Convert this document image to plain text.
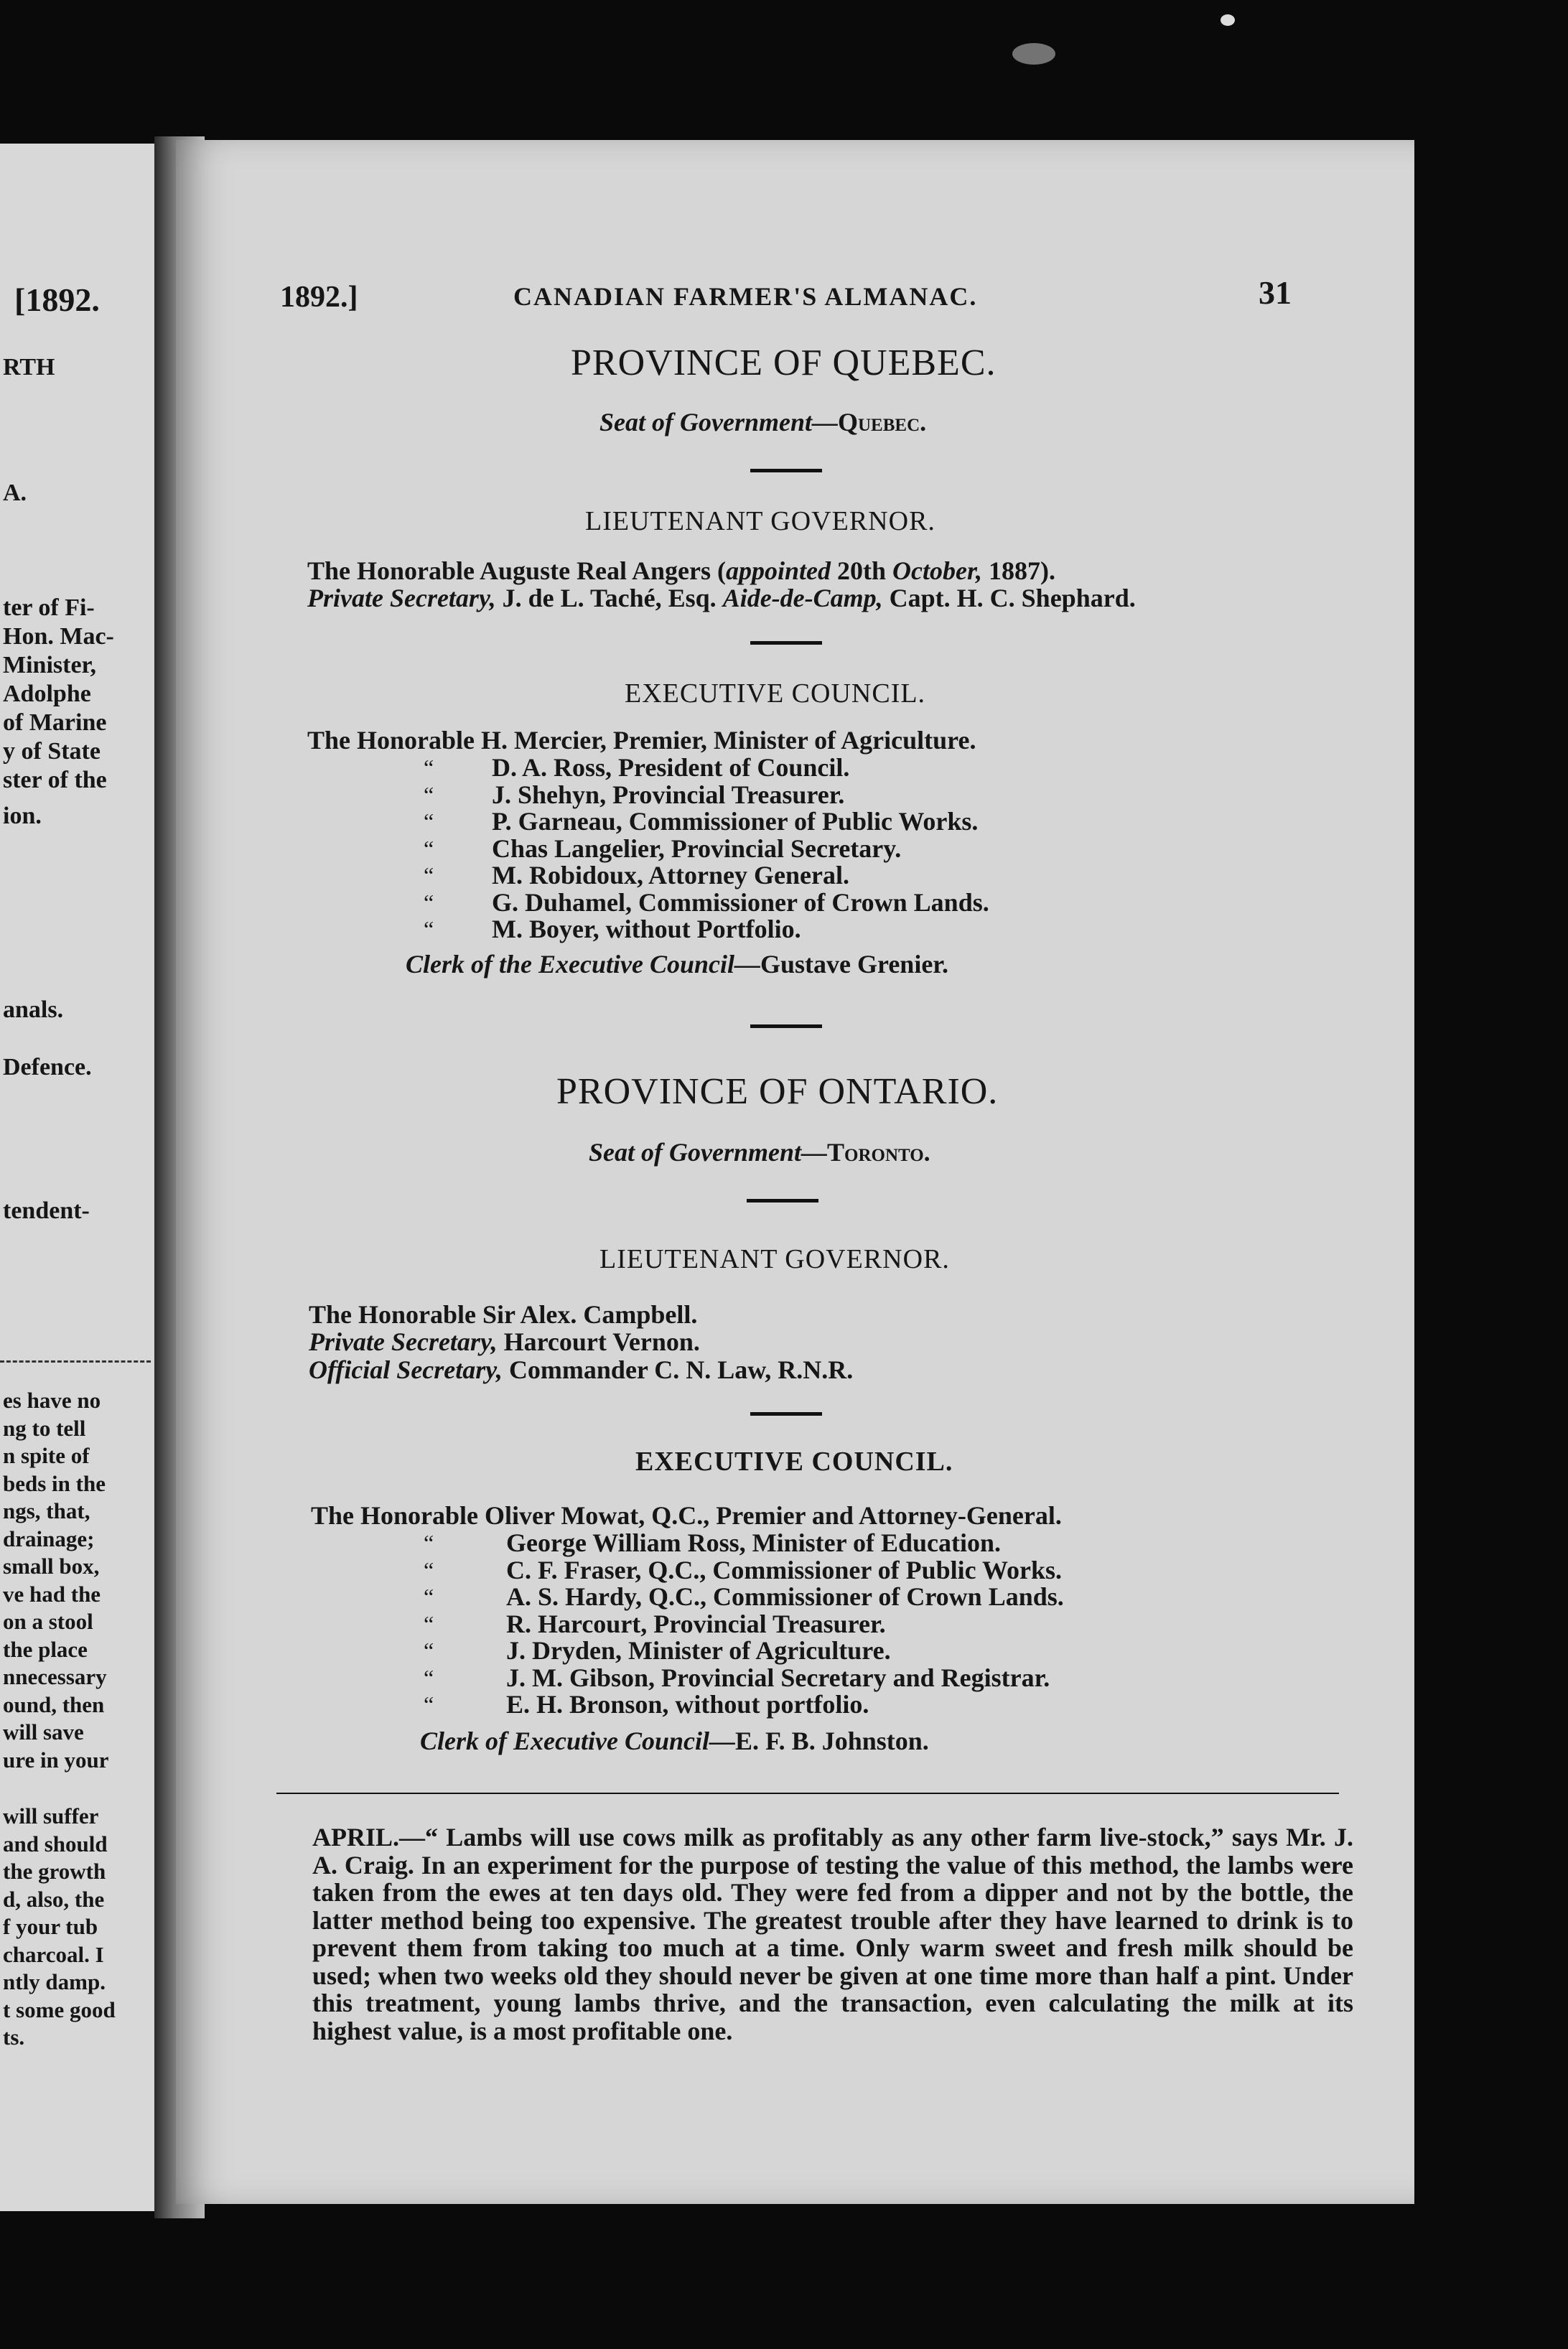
[1892.
RTH
A.
ter of Fi-
Hon. Mac-
Minister,
Adolphe
of Marine
y of State
ster of the
ion.
anals.
Defence.
tendent-
es have no
ng to tell
n spite of
beds in the
ngs, that,
drainage;
small box,
ve had the
on a stool
the place
nnecessary
ound, then
will save
ure in your
will suffer
and should
the growth
d, also, the
f your tub
charcoal. I
ntly damp.
t some good
ts.
1892.]	CANADIAN FARMER'S ALMANAC.	31
PROVINCE OF QUEBEC.
Seat of Government—Quebec.
LIEUTENANT GOVERNOR.
The Honorable Auguste Real Angers (appointed 20th October, 1887).
Private Secretary, J. de L. Taché, Esq. Aide-de-Camp, Capt. H. C. Shephard.
EXECUTIVE COUNCIL.
The Honorable H. Mercier, Premier, Minister of Agriculture.
“ D. A. Ross, President of Council.
“ J. Shehyn, Provincial Treasurer.
“ P. Garneau, Commissioner of Public Works.
“ Chas Langelier, Provincial Secretary.
“ M. Robidoux, Attorney General.
“ G. Duhamel, Commissioner of Crown Lands.
“ M. Boyer, without Portfolio.
Clerk of the Executive Council—Gustave Grenier.
PROVINCE OF ONTARIO.
Seat of Government—Toronto.
LIEUTENANT GOVERNOR.
The Honorable Sir Alex. Campbell.
Private Secretary, Harcourt Vernon.
Official Secretary, Commander C. N. Law, R.N.R.
EXECUTIVE COUNCIL.
The Honorable Oliver Mowat, Q.C., Premier and Attorney-General.
“	George William Ross, Minister of Education.
“	C. F. Fraser, Q.C., Commissioner of Public Works.
“	A. S. Hardy, Q.C., Commissioner of Crown Lands.
“	R. Harcourt, Provincial Treasurer.
“	J. Dryden, Minister of Agriculture.
“	J. M. Gibson, Provincial Secretary and Registrar.
“	E. H. Bronson, without portfolio.
Clerk of Executive Council—E. F. B. Johnston.
APRIL.—“ Lambs will use cows milk as profitably as any other farm live-stock,” says Mr. J. A. Craig. In an experiment for the purpose of testing the value of this method, the lambs were taken from the ewes at ten days old. They were fed from a dipper and not by the bottle, the latter method being too expensive. The greatest trouble after they have learned to drink is to prevent them from taking too much at a time. Only warm sweet and fresh milk should be used; when two weeks old they should never be given at one time more than half a pint. Under this treatment, young lambs thrive, and the transaction, even calculating the milk at its highest value, is a most profitable one.
